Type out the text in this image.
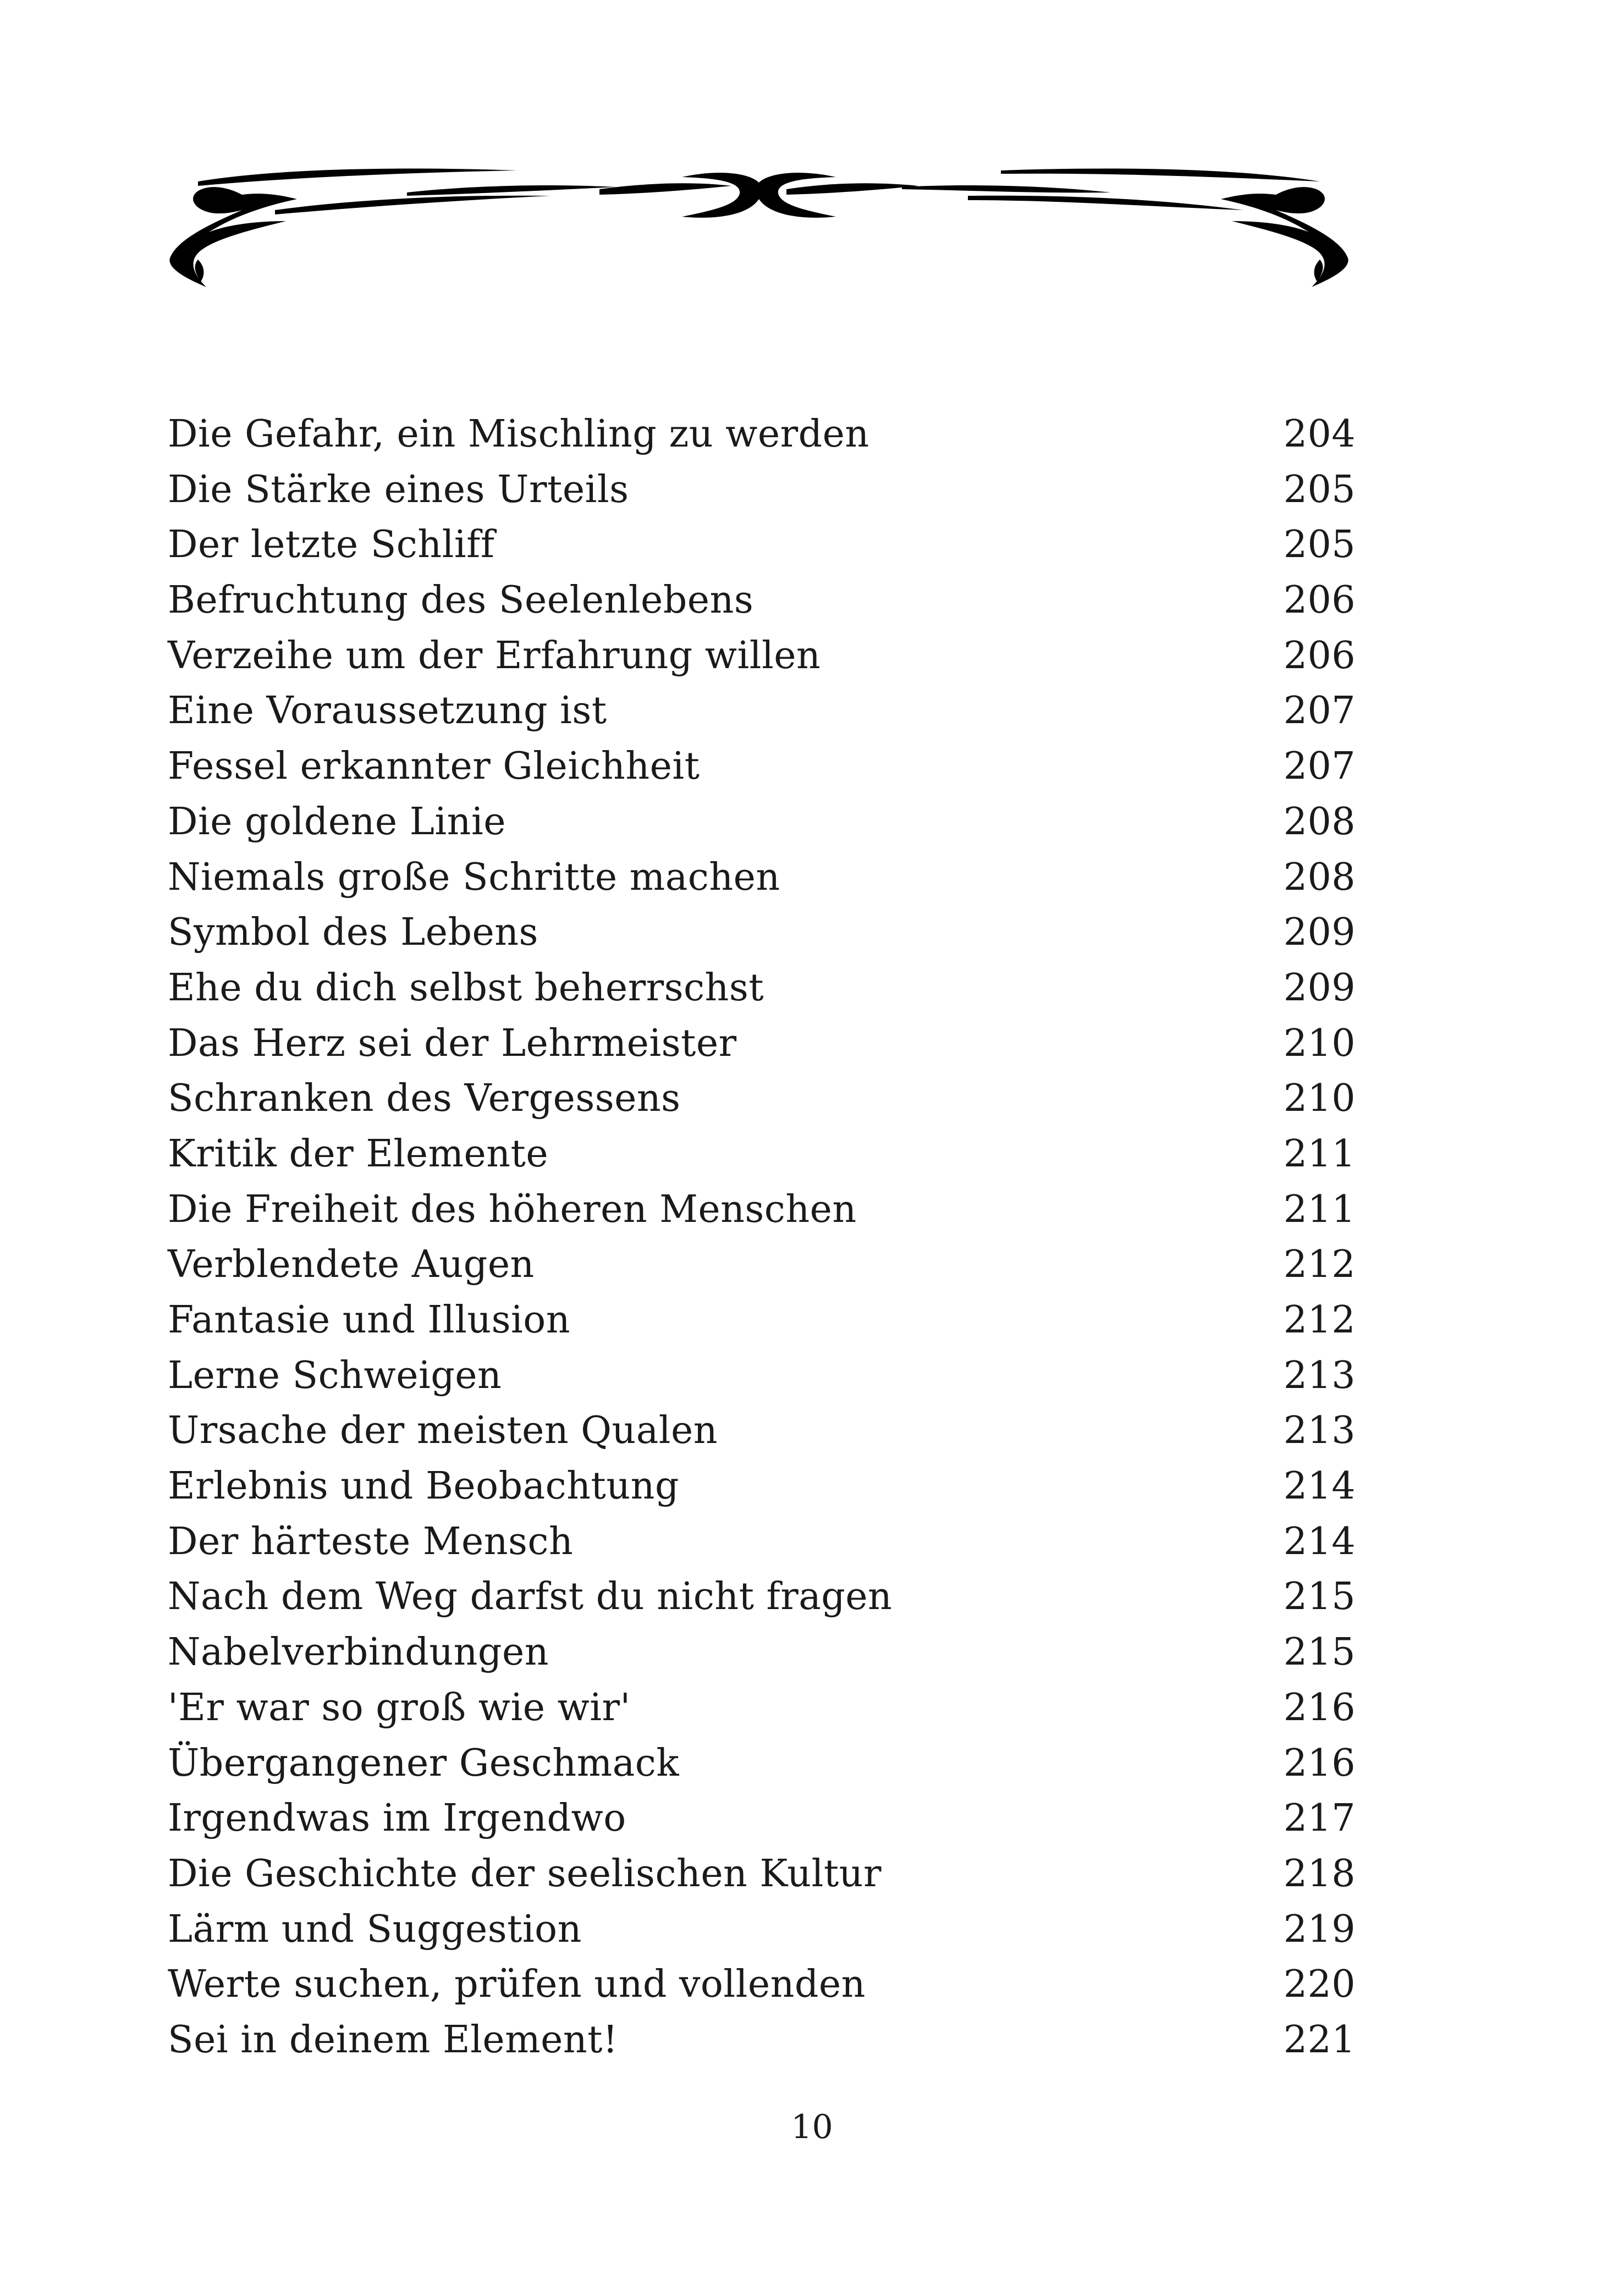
Die Gefahr, ein Mischling zu werden	204
Die Stärke eines Urteils	205
Der letzte Schliff	205
Befruchtung des Seelenlebens	206
Verzeihe um der Erfahrung willen	206
Eine Voraussetzung ist	207
Fessel erkannter Gleichheit	207
Die goldene Linie	208
Niemals große Schritte machen	208
Symbol des Lebens	209
Ehe du dich selbst beherrschst	209
Das Herz sei der Lehrmeister	210
Schranken des Vergessens	210
Kritik der Elemente	211
Die Freiheit des höheren Menschen	211
Verblendete Augen	212
Fantasie und Illusion	212
Lerne Schweigen	213
Ursache der meisten Qualen	213
Erlebnis und Beobachtung	214
Der härteste Mensch	214
Nach dem Weg darfst du nicht fragen	215
Nabelverbindungen	215
'Er war so groß wie wir'	216
Übergangener Geschmack	216
Irgendwas im Irgendwo	217
Die Geschichte der seelischen Kultur	218
Lärm und Suggestion	219
Werte suchen, prüfen und vollenden	220
Sei in deinem Element!	221
10
